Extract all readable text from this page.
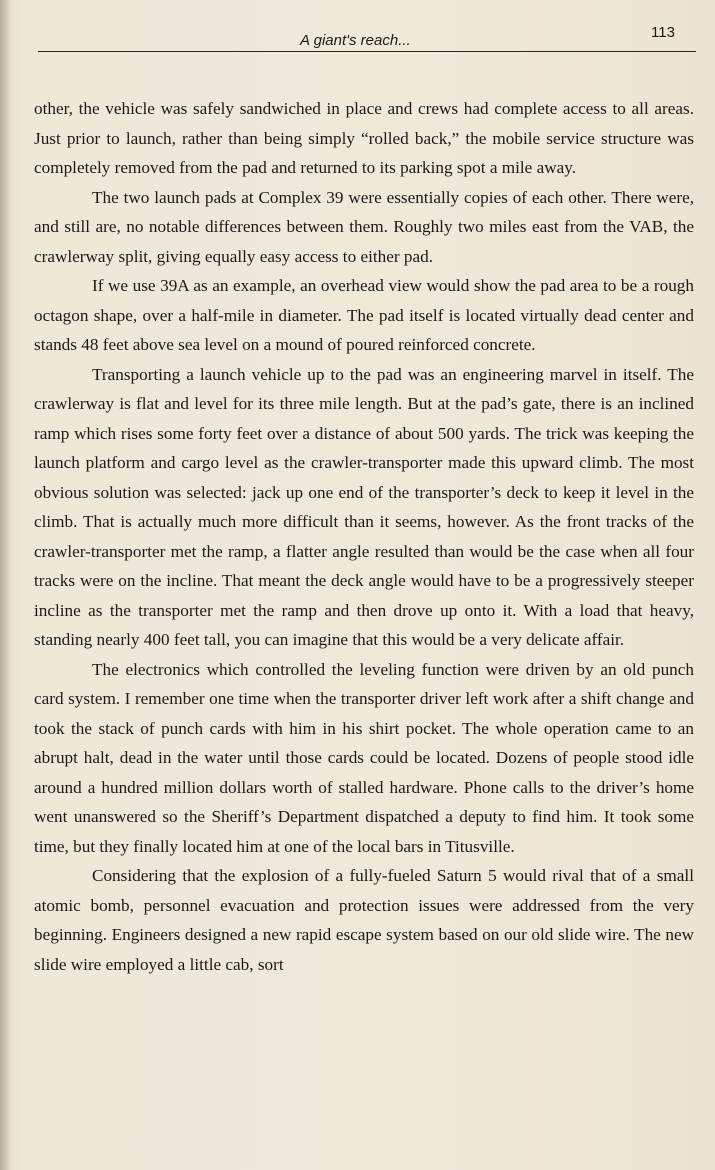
A giant's reach...	113

other, the vehicle was safely sandwiched in place and crews had complete access to all areas. Just prior to launch, rather than being simply “rolled back,” the mobile service structure was completely removed from the pad and returned to its parking spot a mile away.

The two launch pads at Complex 39 were essentially copies of each other. There were, and still are, no notable differences between them. Roughly two miles east from the VAB, the crawlerway split, giving equally easy access to either pad.

If we use 39A as an example, an overhead view would show the pad area to be a rough octagon shape, over a half-mile in diameter. The pad itself is located virtually dead center and stands 48 feet above sea level on a mound of poured reinforced concrete.

Transporting a launch vehicle up to the pad was an engineering marvel in itself. The crawlerway is flat and level for its three mile length. But at the pad’s gate, there is an inclined ramp which rises some forty feet over a distance of about 500 yards. The trick was keeping the launch platform and cargo level as the crawler-transporter made this upward climb. The most obvious solution was selected: jack up one end of the transporter’s deck to keep it level in the climb. That is actually much more difficult than it seems, however. As the front tracks of the crawler-transporter met the ramp, a flatter angle resulted than would be the case when all four tracks were on the incline. That meant the deck angle would have to be a progressively steeper incline as the transporter met the ramp and then drove up onto it. With a load that heavy, standing nearly 400 feet tall, you can imagine that this would be a very delicate affair.

The electronics which controlled the leveling function were driven by an old punch card system. I remember one time when the transporter driver left work after a shift change and took the stack of punch cards with him in his shirt pocket. The whole operation came to an abrupt halt, dead in the water until those cards could be located. Dozens of people stood idle around a hundred million dollars worth of stalled hardware. Phone calls to the driver’s home went unanswered so the Sheriff’s Department dispatched a deputy to find him. It took some time, but they finally located him at one of the local bars in Titusville.

Considering that the explosion of a fully-fueled Saturn 5 would rival that of a small atomic bomb, personnel evacuation and protection issues were addressed from the very beginning. Engineers designed a new rapid escape system based on our old slide wire. The new slide wire employed a little cab, sort
